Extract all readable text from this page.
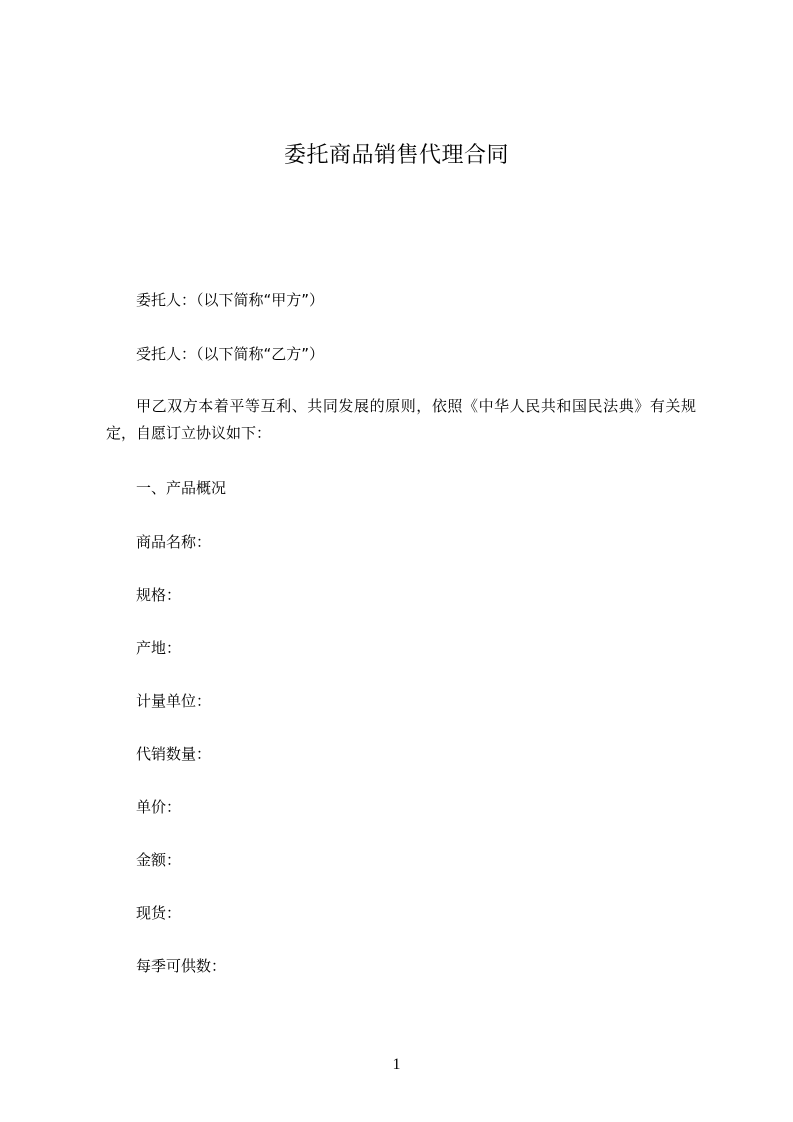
委托商品销售代理合同
委托人：（以下简称“甲方”）
受托人：（以下简称“乙方”）
甲乙双方本着平等互利、共同发展的原则，依照《中华人民共和国民法典》有关规定，自愿订立协议如下：
一、产品概况
商品名称：
规格：
产地：
计量单位：
代销数量：
单价：
金额：
现货：
每季可供数：
1
